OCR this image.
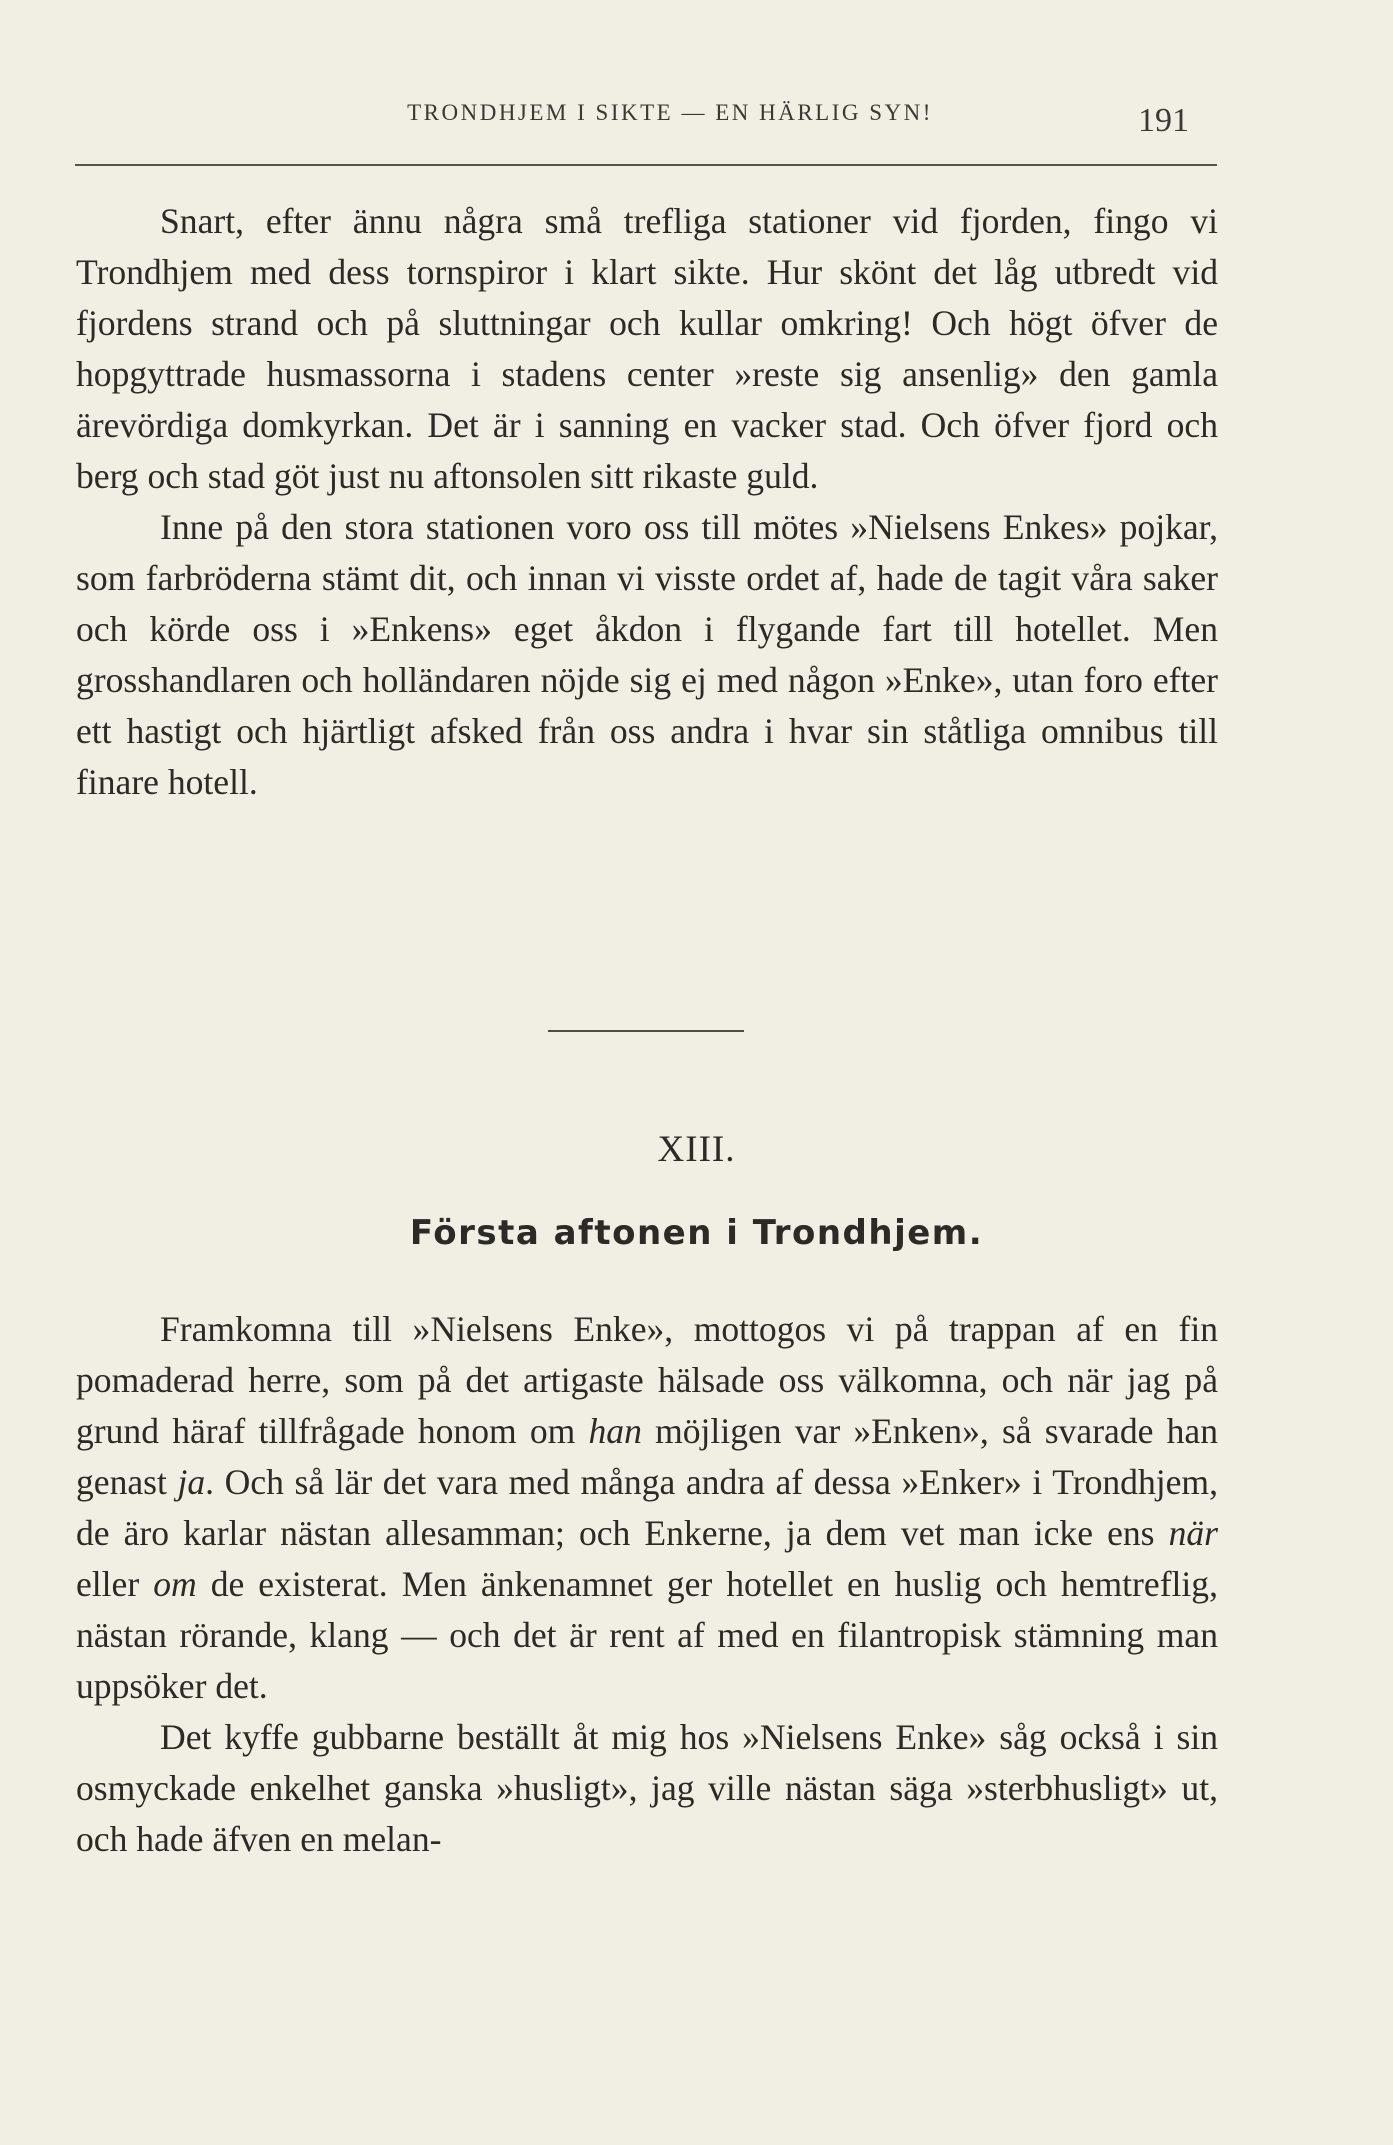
TRONDHJEM I SIKTE — EN HÄRLIG SYN!	191

Snart, efter ännu några små trefliga stationer vid fjorden, fingo vi Trondhjem med dess tornspiror i klart sikte. Hur skönt det låg utbredt vid fjordens strand och på sluttningar och kullar omkring! Och högt öfver de hopgyttrade husmassorna i stadens center »reste sig ansenlig» den gamla ärevördiga domkyrkan. Det är i sanning en vacker stad. Och öfver fjord och berg och stad göt just nu aftonsolen sitt rikaste guld.

Inne på den stora stationen voro oss till mötes »Nielsens Enkes» pojkar, som farbröderna stämt dit, och innan vi visste ordet af, hade de tagit våra saker och körde oss i »Enkens» eget åkdon i flygande fart till hotellet. Men grosshandlaren och holländaren nöjde sig ej med någon »Enke», utan foro efter ett hastigt och hjärtligt afsked från oss andra i hvar sin ståtliga omnibus till finare hotell.

XIII.
Första aftonen i Trondhjem.

Framkomna till »Nielsens Enke», mottogos vi på trappan af en fin pomaderad herre, som på det artigaste hälsade oss välkomna, och när jag på grund häraf tillfrågade honom om han möjligen var »Enken», så svarade han genast ja. Och så lär det vara med många andra af dessa »Enker» i Trondhjem, de äro karlar nästan allesamman; och Enkerne, ja dem vet man icke ens när eller om de existerat. Men änkenamnet ger hotellet en huslig och hemtreflig, nästan rörande, klang — och det är rent af med en filantropisk stämning man uppsöker det.

Det kyffe gubbarne beställt åt mig hos »Nielsens Enke» såg också i sin osmyckade enkelhet ganska »husligt», jag ville nästan säga »sterbhusligt» ut, och hade äfven en melan-
